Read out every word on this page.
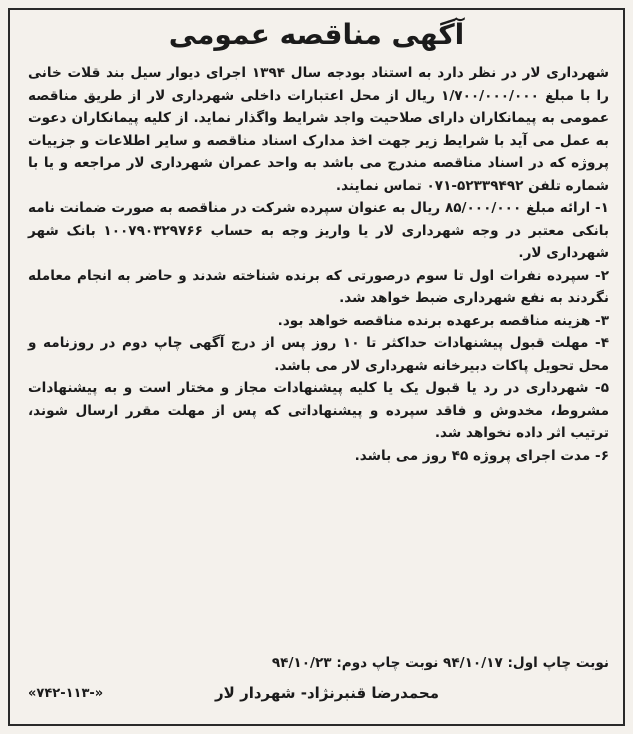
آگهی مناقصه عمومی

شهرداری لار در نظر دارد به استناد بودجه سال ۱۳۹۴ اجرای دیوار سیل بند قلات خانی را با مبلغ ۱/۷۰۰/۰۰۰/۰۰۰ ریال از محل اعتبارات داخلی شهرداری لار از طریق مناقصه عمومی به پیمانکاران دارای صلاحیت واجد شرایط واگذار نماید. از کلیه پیمانکاران دعوت به عمل می آید با شرایط زیر جهت اخذ مدارک اسناد مناقصه و سایر اطلاعات و جزییات پروژه که در اسناد مناقصه مندرج می باشد به واحد عمران شهرداری لار مراجعه و یا با شماره تلفن ۵۲۳۳۹۴۹۲-۰۷۱ تماس نمایند.

۱- ارائه مبلغ ۸۵/۰۰۰/۰۰۰ ریال به عنوان سپرده شرکت در مناقصه به صورت ضمانت نامه بانکی معتبر در وجه شهرداری لار یا واریز وجه به حساب ۱۰۰۷۹۰۳۲۹۷۶۶ بانک شهر شهرداری لار.

۲- سپرده نفرات اول تا سوم درصورتی که برنده شناخته شدند و حاضر به انجام معامله نگردند به نفع شهرداری ضبط خواهد شد.

۳- هزینه مناقصه برعهده برنده مناقصه خواهد بود.

۴- مهلت قبول پیشنهادات حداکثر تا ۱۰ روز پس از درج آگهی چاپ دوم در روزنامه و محل تحویل پاکات دبیرخانه شهرداری لار می باشد.

۵- شهرداری در رد یا قبول یک یا کلیه پیشنهادات مجاز و مختار است و به پیشنهادات مشروط، مخدوش و فاقد سپرده و پیشنهاداتی که پس از مهلت مقرر ارسال شوند، ترتیب اثر داده نخواهد شد.

۶- مدت اجرای پروژه ۴۵ روز می باشد.

نوبت چاپ اول: ۹۴/۱۰/۱۷ نوبت چاپ دوم: ۹۴/۱۰/۲۳
محمدرضا قنبرنژاد- شهردار لار
«۷۴۲-۱۱۳-»
